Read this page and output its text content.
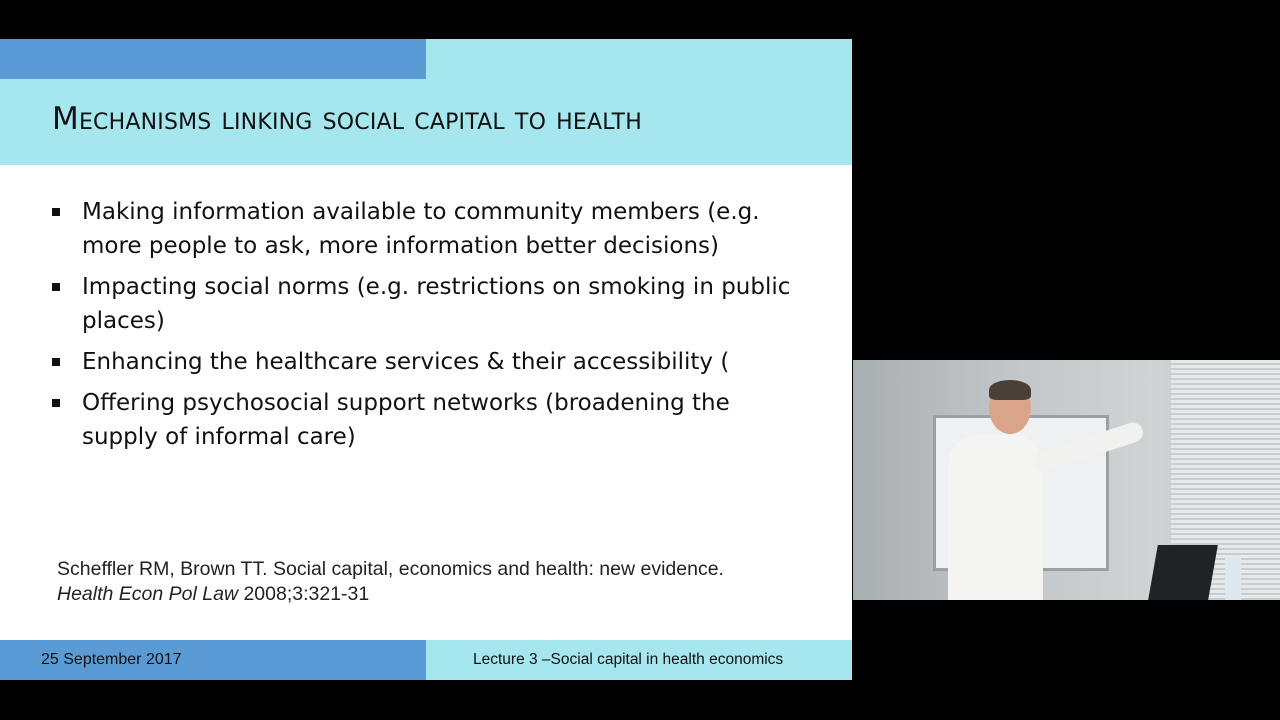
Mechanisms linking social capital to health
Making information available to community members (e.g. more people to ask, more information better decisions)
Impacting social norms (e.g. restrictions on smoking in public places)
Enhancing the healthcare services & their accessibility (
Offering psychosocial support networks (broadening the supply of informal care)
Scheffler RM, Brown TT. Social capital, economics and health: new evidence.
Health Econ Pol Law 2008;3:321-31
25 September 2017	Lecture 3 –Social capital in health economics
